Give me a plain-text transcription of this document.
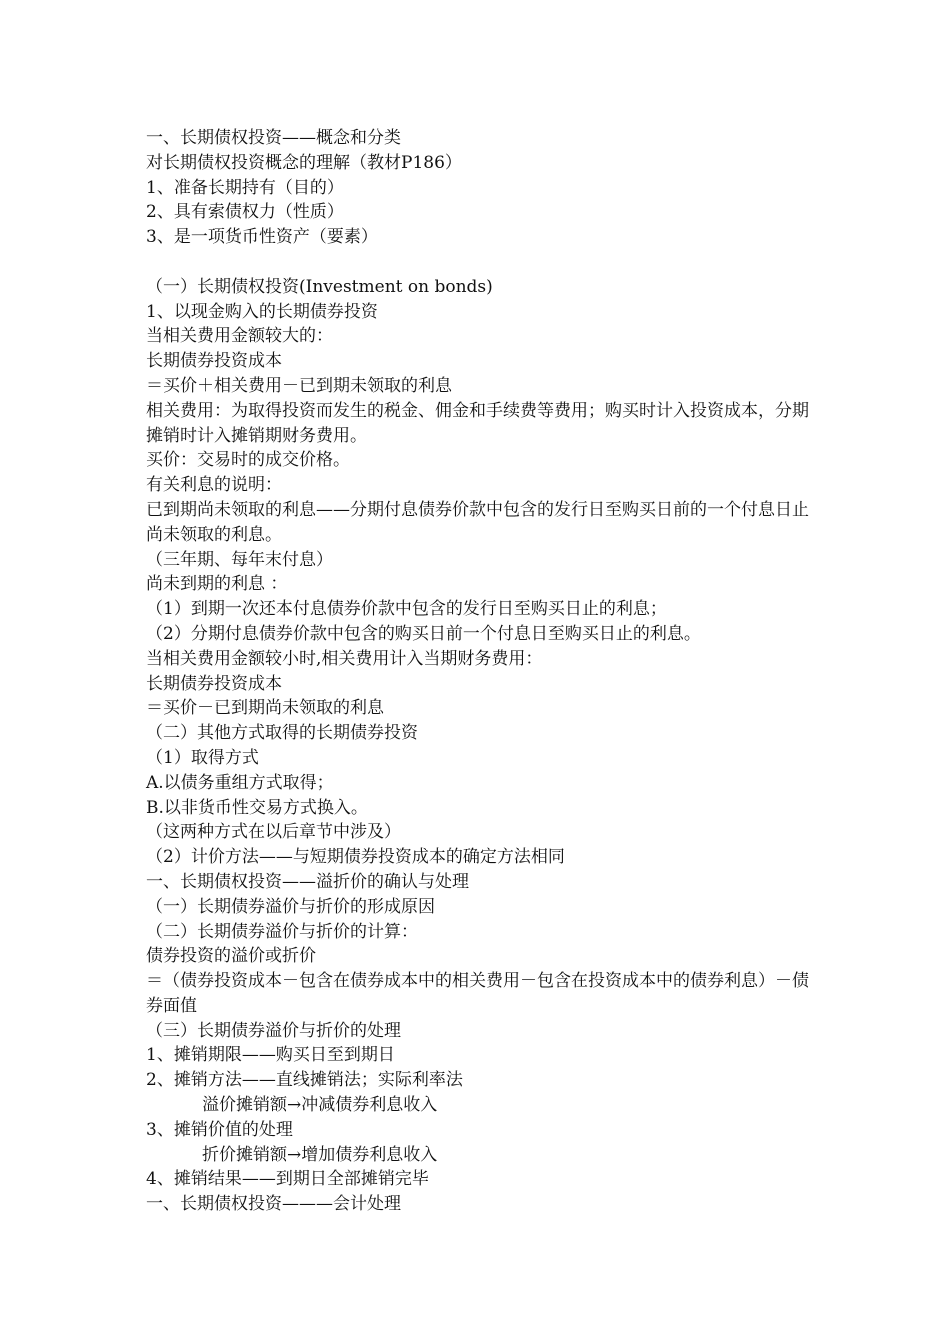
一、长期债权投资——概念和分类

对长期债权投资概念的理解（教材P186）

1、准备长期持有（目的）

2、具有索债权力（性质）

3、是一项货币性资产（要素）

（一）长期债权投资(Investment on bonds)

1、以现金购入的长期债券投资

当相关费用金额较大的：

长期债券投资成本

＝买价＋相关费用－已到期未领取的利息

相关费用：为取得投资而发生的税金、佣金和手续费等费用；购买时计入投资成本，分期摊销时计入摊销期财务费用。

买价：交易时的成交价格。

有关利息的说明：

已到期尚未领取的利息——分期付息债券价款中包含的发行日至购买日前的一个付息日止尚未领取的利息。

（三年期、每年末付息）

尚未到期的利息 ：

（1）到期一次还本付息债券价款中包含的发行日至购买日止的利息；

（2）分期付息债券价款中包含的购买日前一个付息日至购买日止的利息。

当相关费用金额较小时,相关费用计入当期财务费用：

长期债券投资成本

＝买价－已到期尚未领取的利息

（二）其他方式取得的长期债券投资

（1）取得方式

A.以债务重组方式取得；

B.以非货币性交易方式换入。

（这两种方式在以后章节中涉及）

（2）计价方法——与短期债券投资成本的确定方法相同

一、长期债权投资——溢折价的确认与处理

（一）长期债券溢价与折价的形成原因

（二）长期债券溢价与折价的计算：

债券投资的溢价或折价

＝（债券投资成本－包含在债券成本中的相关费用－包含在投资成本中的债券利息）－债券面值

（三）长期债券溢价与折价的处理

1、摊销期限——购买日至到期日

2、摊销方法——直线摊销法；实际利率法

溢价摊销额→冲减债券利息收入

3、摊销价值的处理

折价摊销额→增加债券利息收入

4、摊销结果——到期日全部摊销完毕

一、长期债权投资———会计处理
